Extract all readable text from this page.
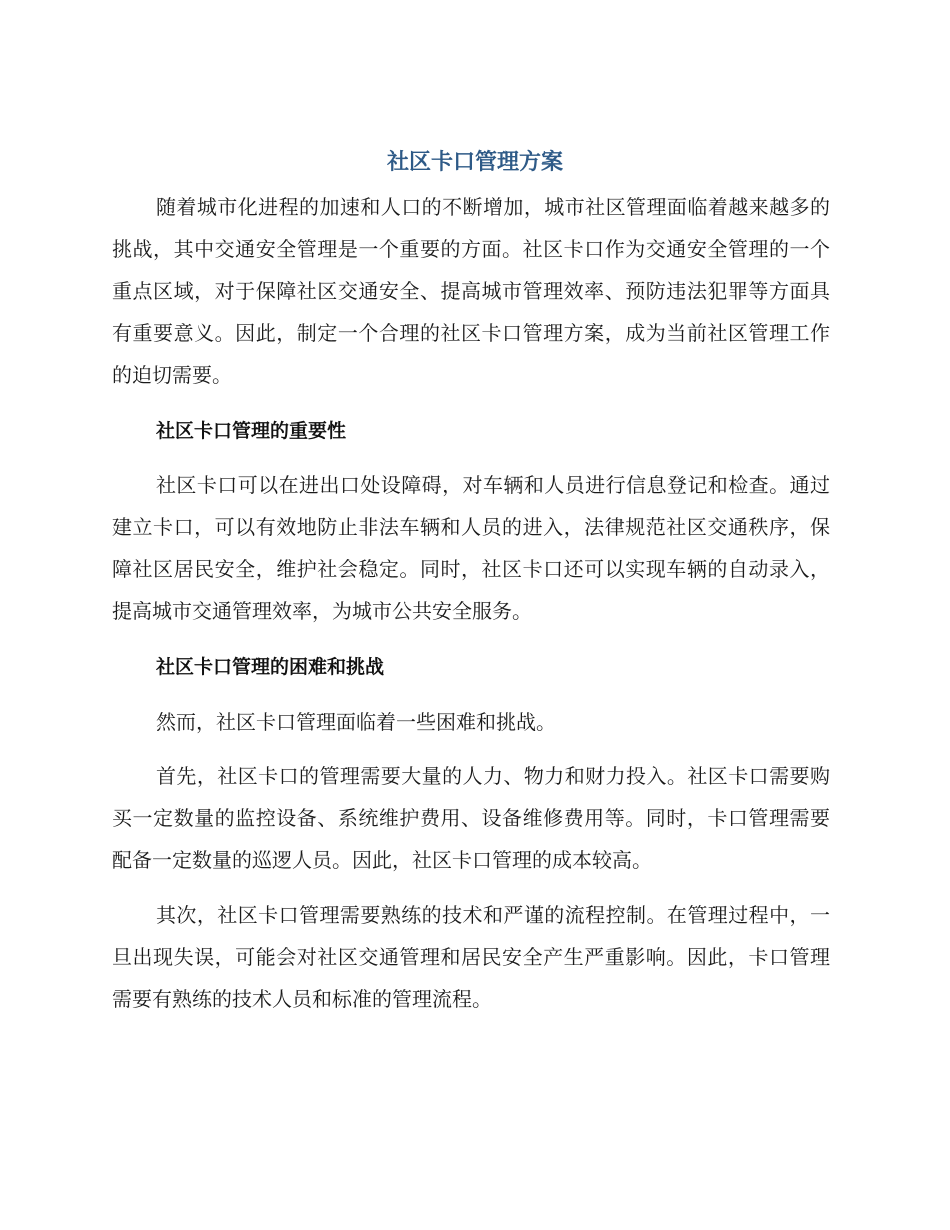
社区卡口管理方案

随着城市化进程的加速和人口的不断增加，城市社区管理面临着越来越多的挑战，其中交通安全管理是一个重要的方面。社区卡口作为交通安全管理的一个重点区域，对于保障社区交通安全、提高城市管理效率、预防违法犯罪等方面具有重要意义。因此，制定一个合理的社区卡口管理方案，成为当前社区管理工作的迫切需要。

社区卡口管理的重要性

社区卡口可以在进出口处设障碍，对车辆和人员进行信息登记和检查。通过建立卡口，可以有效地防止非法车辆和人员的进入，法律规范社区交通秩序，保障社区居民安全，维护社会稳定。同时，社区卡口还可以实现车辆的自动录入，提高城市交通管理效率，为城市公共安全服务。

社区卡口管理的困难和挑战

然而，社区卡口管理面临着一些困难和挑战。

首先，社区卡口的管理需要大量的人力、物力和财力投入。社区卡口需要购买一定数量的监控设备、系统维护费用、设备维修费用等。同时，卡口管理需要配备一定数量的巡逻人员。因此，社区卡口管理的成本较高。

其次，社区卡口管理需要熟练的技术和严谨的流程控制。在管理过程中，一旦出现失误，可能会对社区交通管理和居民安全产生严重影响。因此，卡口管理需要有熟练的技术人员和标准的管理流程。
